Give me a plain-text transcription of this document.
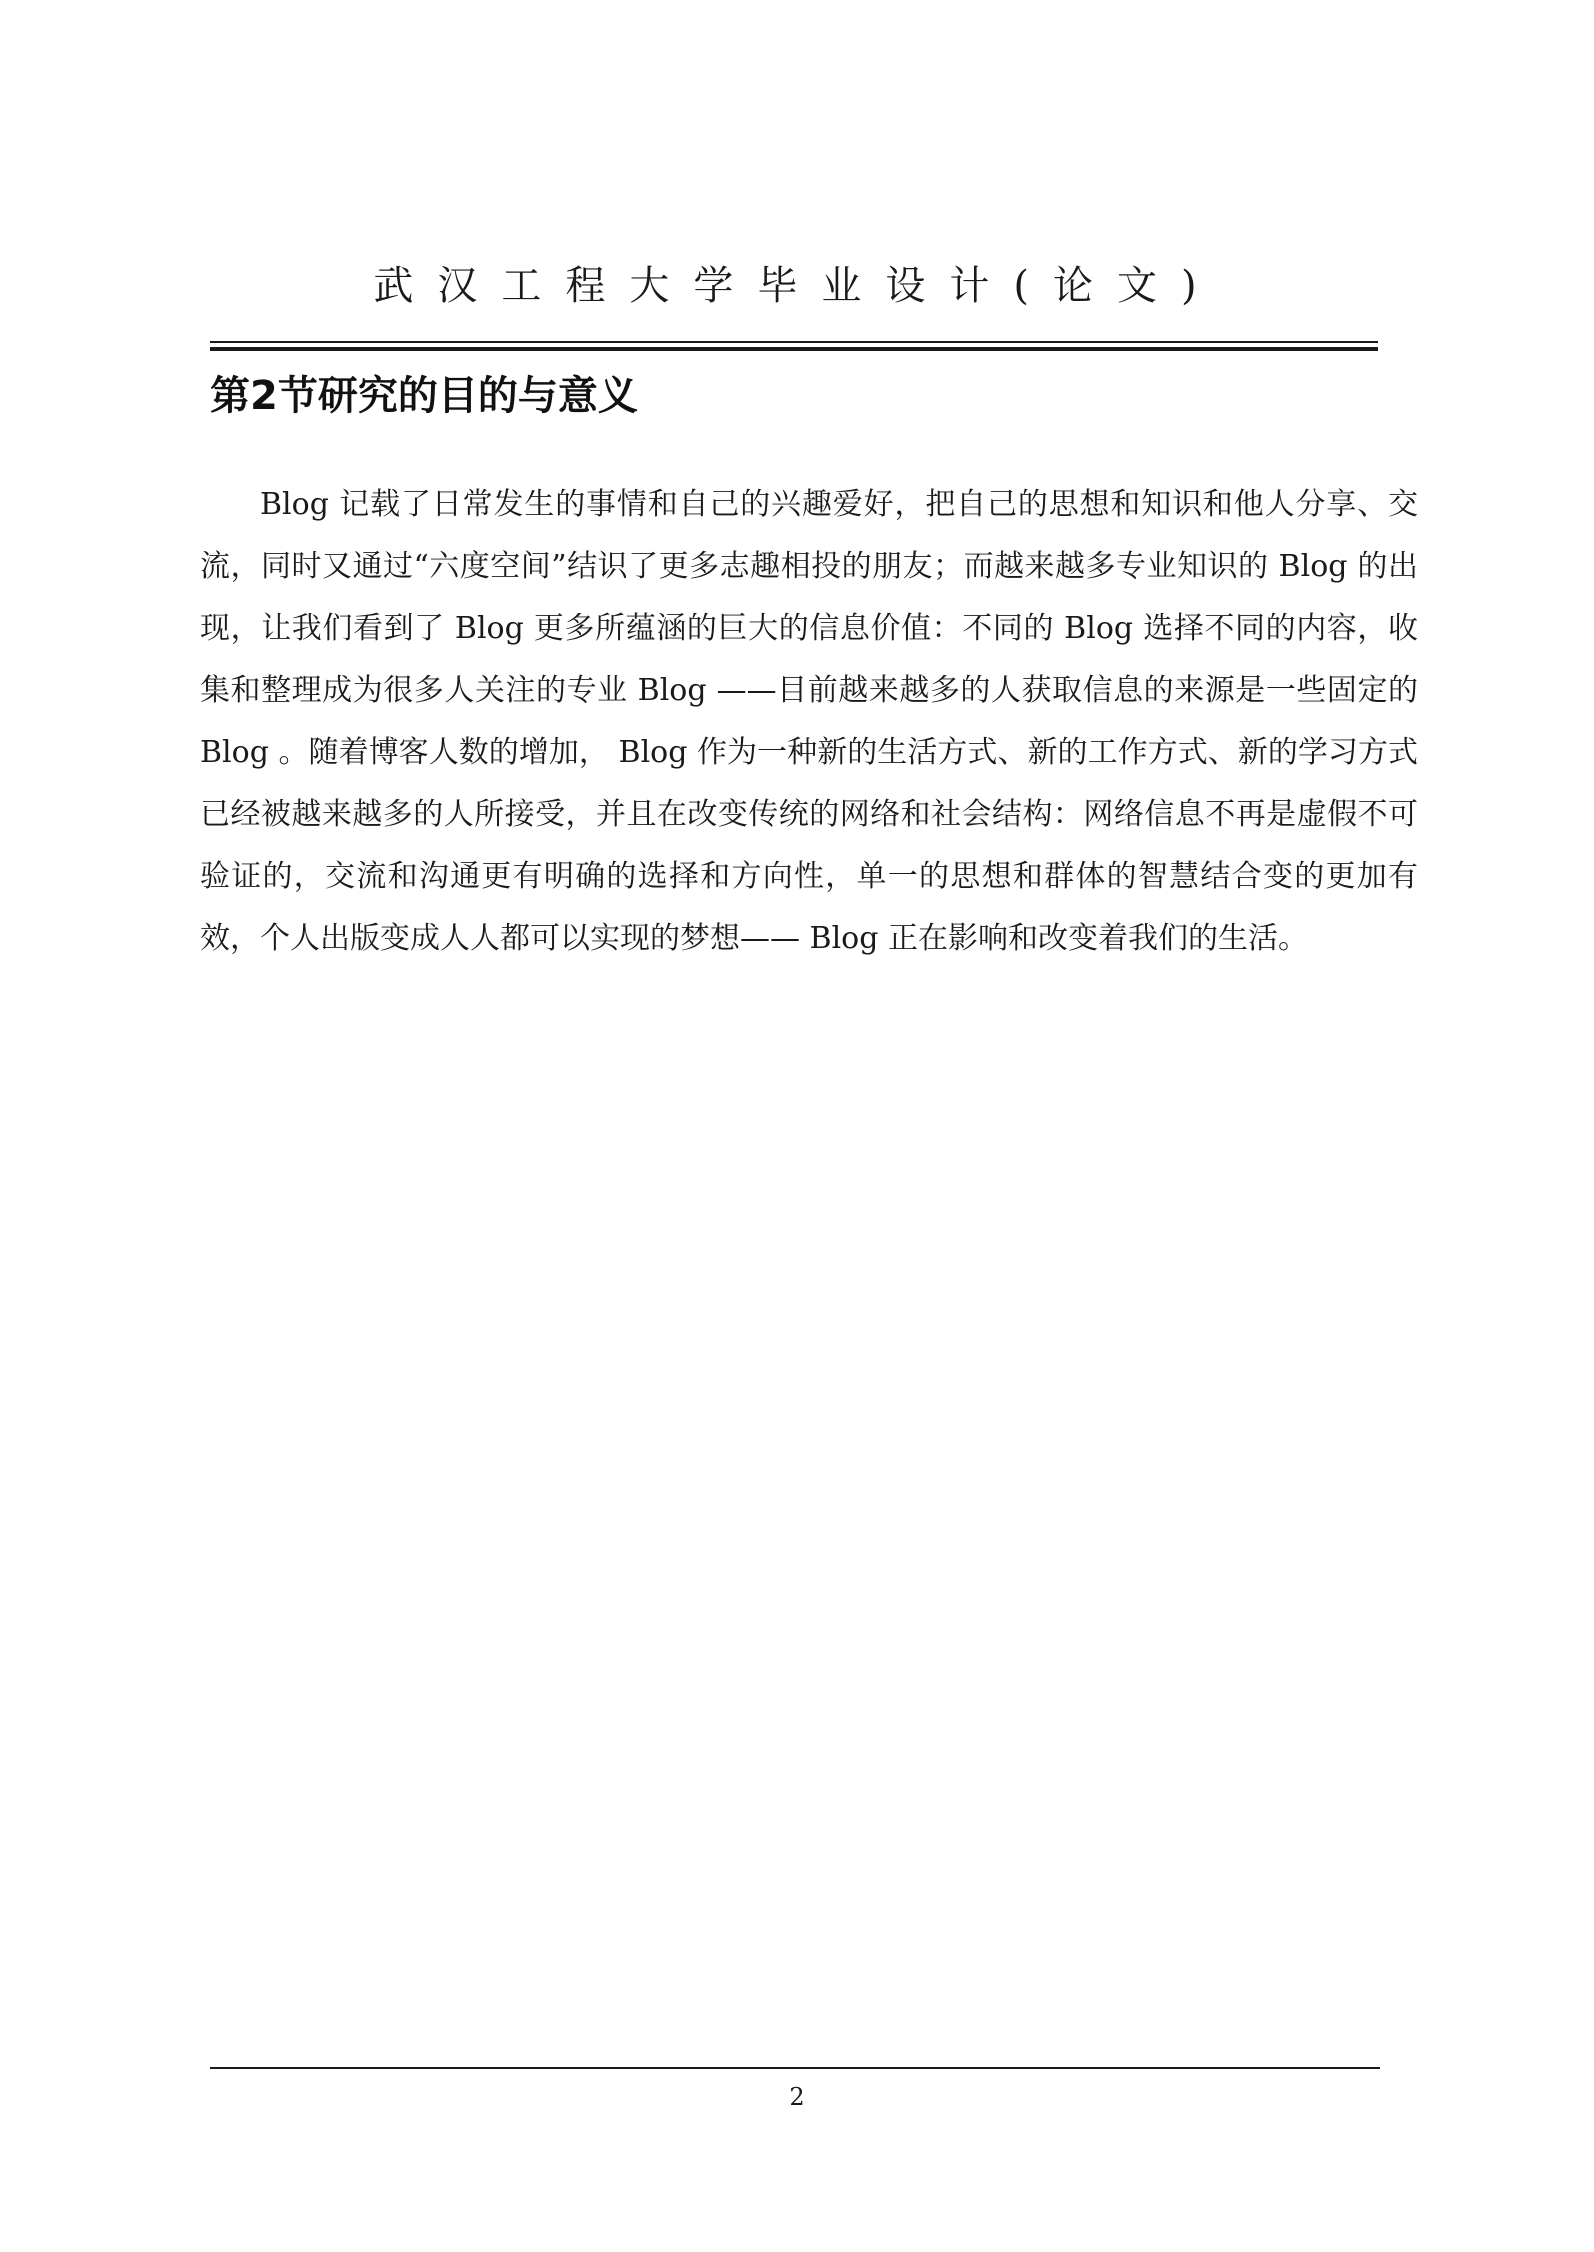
武汉工程大学毕业设计(论文)
第2节研究的目的与意义

Blog 记载了日常发生的事情和自己的兴趣爱好，把自己的思想和知识和他人分享、交流，同时又通过“六度空间”结识了更多志趣相投的朋友；而越来越多专业知识的 Blog 的出现，让我们看到了 Blog 更多所蕴涵的巨大的信息价值：不同的 Blog 选择不同的内容，收集和整理成为很多人关注的专业 Blog ——目前越来越多的人获取信息的来源是一些固定的 Blog 。随着博客人数的增加， Blog 作为一种新的生活方式、新的工作方式、新的学习方式已经被越来越多的人所接受，并且在改变传统的网络和社会结构：网络信息不再是虚假不可验证的，交流和沟通更有明确的选择和方向性，单一的思想和群体的智慧结合变的更加有效，个人出版变成人人都可以实现的梦想—— Blog 正在影响和改变着我们的生活。

2
